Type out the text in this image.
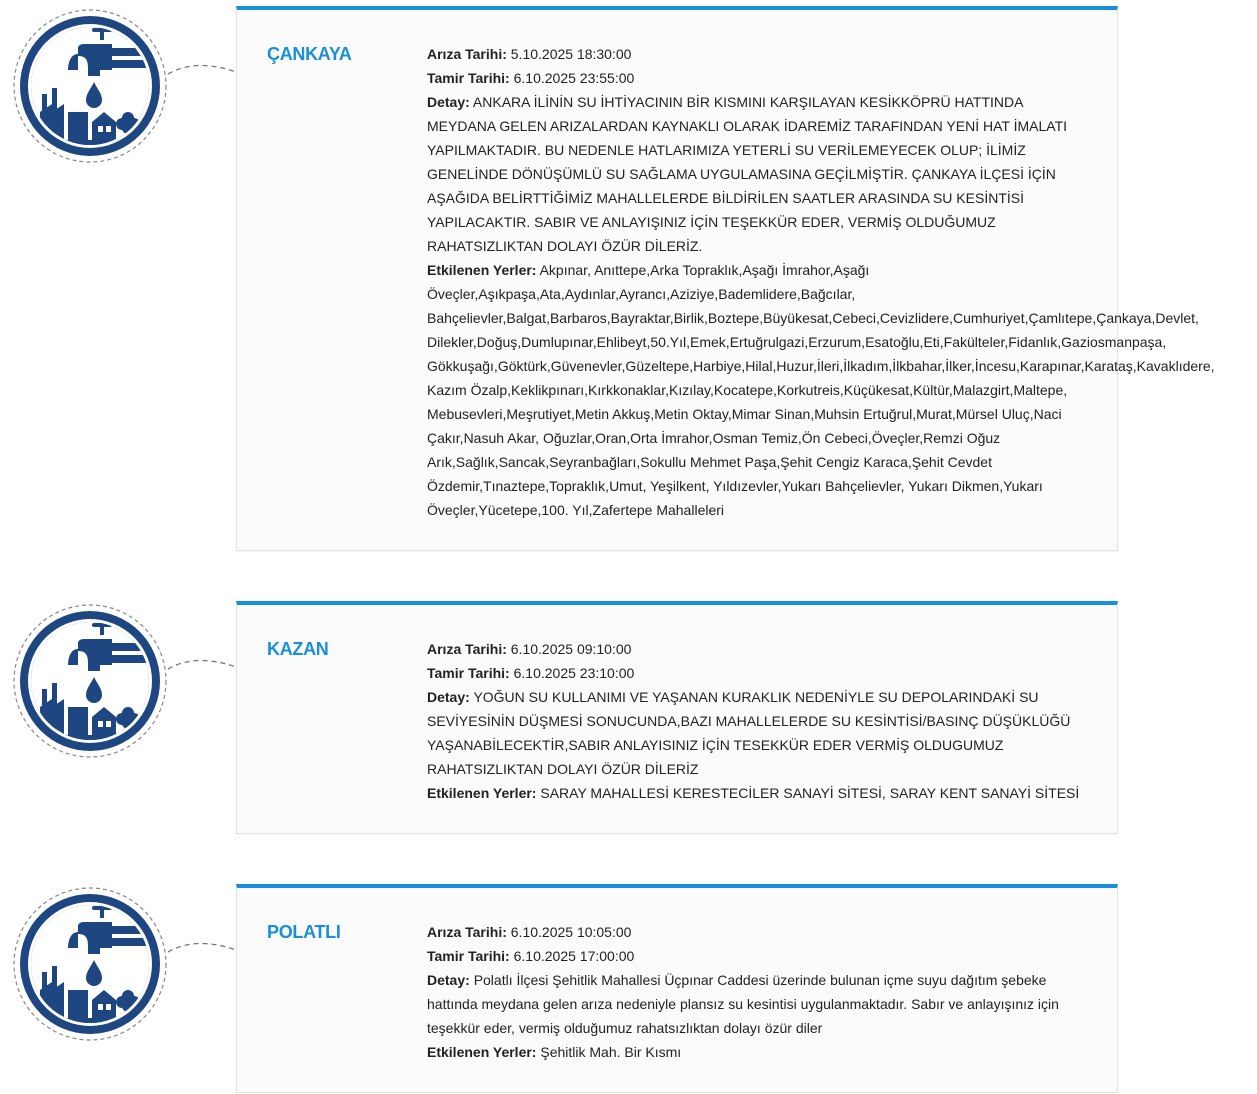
ÇANKAYA	Arıza Tarihi: 5.10.2025 18:30:00
Tamir Tarihi: 6.10.2025 23:55:00
Detay: ANKARA İLİNİN SU İHTİYACININ BİR KISMINI KARŞILAYAN KESİKKÖPRÜ HATTINDA MEYDANA GELEN ARIZALARDAN KAYNAKLI OLARAK İDAREMİZ TARAFINDAN YENİ HAT İMALATI YAPILMAKTADIR. BU NEDENLE HATLARIMIZA YETERLİ SU VERİLEMEYECEK OLUP; İLİMİZ GENELİNDE DÖNÜŞÜMLÜ SU SAĞLAMA UYGULAMASINA GEÇİLMİŞTİR. ÇANKAYA İLÇESİ İÇİN AŞAĞIDA BELİRTTİĞİMİZ MAHALLELERDE BİLDİRİLEN SAATLER ARASINDA SU KESİNTİSİ YAPILACAKTIR. SABIR VE ANLAYIŞINIZ İÇİN TEŞEKKÜR EDER, VERMİŞ OLDUĞUMUZ RAHATSIZLIKTAN DOLAYI ÖZÜR DİLERİZ.
Etkilenen Yerler: Akpınar, Anıttepe,Arka Topraklık,Aşağı İmrahor,Aşağı Öveçler,Aşıkpaşa,Ata,Aydınlar,Ayrancı,Aziziye,Bademlidere,Bağcılar, Bahçelievler,Balgat,Barbaros,Bayraktar,Birlik,Boztepe,Büyükesat,Cebeci,Cevizlidere,Cumhuriyet,Çamlıtepe,Çankaya,Devlet, Dilekler,Doğuş,Dumlupınar,Ehlibeyt,50.Yıl,Emek,Ertuğrulgazi,Erzurum,Esatoğlu,Eti,Fakülteler,Fidanlık,Gaziosmanpaşa, Gökkuşağı,Göktürk,Güvenevler,Güzeltepe,Harbiye,Hilal,Huzur,İleri,İlkadım,İlkbahar,İlker,İncesu,Karapınar,Karataş,Kavaklıdere, Kazım Özalp,Keklikpınarı,Kırkkonaklar,Kızılay,Kocatepe,Korkutreis,Küçükesat,Kültür,Malazgirt,Maltepe, Mebusevleri,Meşrutiyet,Metin Akkuş,Metin Oktay,Mimar Sinan,Muhsin Ertuğrul,Murat,Mürsel Uluç,Naci Çakır,Nasuh Akar, Oğuzlar,Oran,Orta İmrahor,Osman Temiz,Ön Cebeci,Öveçler,Remzi Oğuz Arık,Sağlık,Sancak,Seyranbağları,Sokullu Mehmet Paşa,Şehit Cengiz Karaca,Şehit Cevdet Özdemir,Tınaztepe,Topraklık,Umut, Yeşilkent, Yıldızevler,Yukarı Bahçelievler, Yukarı Dikmen,Yukarı Öveçler,Yücetepe,100. Yıl,Zafertepe Mahalleleri
KAZAN	Arıza Tarihi: 6.10.2025 09:10:00
Tamir Tarihi: 6.10.2025 23:10:00
Detay: YOĞUN SU KULLANIMI VE YAŞANAN KURAKLIK NEDENİYLE SU DEPOLARINDAKİ SU SEVİYESİNİN DÜŞMESİ SONUCUNDA,BAZI MAHALLELERDE SU KESİNTİSİ/BASINÇ DÜŞÜKLÜĞÜ YAŞANABİLECEKTİR,SABIR ANLAYISINIZ İÇİN TESEKKÜR EDER VERMİŞ OLDUGUMUZ RAHATSIZLIKTAN DOLAYI ÖZÜR DİLERİZ
Etkilenen Yerler: SARAY MAHALLESİ KERESTECİLER SANAYİ SİTESİ, SARAY KENT SANAYİ SİTESİ
POLATLI	Arıza Tarihi: 6.10.2025 10:05:00
Tamir Tarihi: 6.10.2025 17:00:00
Detay: Polatlı İlçesi Şehitlik Mahallesi Üçpınar Caddesi üzerinde bulunan içme suyu dağıtım şebeke hattında meydana gelen arıza nedeniyle plansız su kesintisi uygulanmaktadır. Sabır ve anlayışınız için teşekkür eder, vermiş olduğumuz rahatsızlıktan dolayı özür diler
Etkilenen Yerler: Şehitlik Mah. Bir Kısmı
